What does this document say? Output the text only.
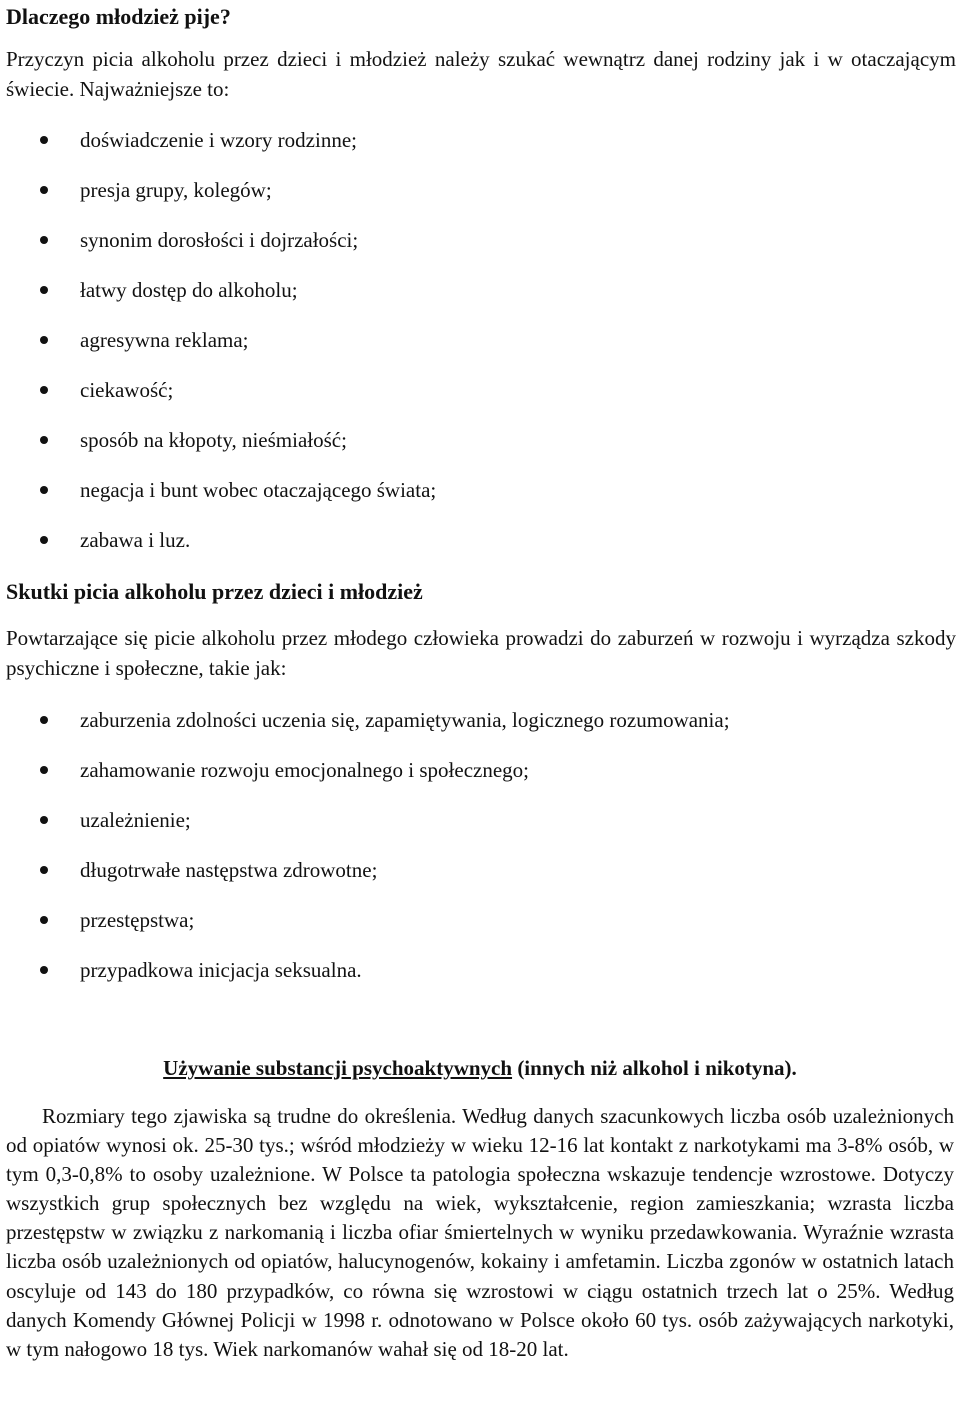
Dlaczego młodzież pije?
Przyczyn picia alkoholu przez dzieci i młodzież należy szukać wewnątrz danej rodziny jak i w otaczającym świecie. Najważniejsze to:
doświadczenie i wzory rodzinne;
presja grupy, kolegów;
synonim dorosłości i dojrzałości;
łatwy dostęp do alkoholu;
agresywna reklama;
ciekawość;
sposób na kłopoty, nieśmiałość;
negacja i bunt wobec otaczającego świata;
zabawa i luz.
Skutki picia alkoholu przez dzieci i młodzież
Powtarzające się picie alkoholu przez młodego człowieka prowadzi do zaburzeń w rozwoju i wyrządza szkody psychiczne i społeczne, takie jak:
zaburzenia zdolności uczenia się, zapamiętywania, logicznego rozumowania;
zahamowanie rozwoju emocjonalnego i społecznego;
uzależnienie;
długotrwałe następstwa zdrowotne;
przestępstwa;
przypadkowa inicjacja seksualna.
Używanie substancji psychoaktywnych (innych niż alkohol i nikotyna).
Rozmiary tego zjawiska są trudne do określenia. Według danych szacunkowych liczba osób uzależnionych od opiatów wynosi ok. 25-30 tys.; wśród młodzieży w wieku 12-16 lat kontakt z narkotykami ma 3-8% osób, w tym 0,3-0,8% to osoby uzależnione. W Polsce ta patologia społeczna wskazuje tendencje wzrostowe. Dotyczy wszystkich grup społecznych bez względu na wiek, wykształcenie, region zamieszkania; wzrasta liczba przestępstw w związku z narkomanią i liczba ofiar śmiertelnych w wyniku przedawkowania. Wyraźnie wzrasta liczba osób uzależnionych od opiatów, halucynogenów, kokainy i amfetamin. Liczba zgonów w ostatnich latach oscyluje od 143 do 180 przypadków, co równa się wzrostowi w ciągu ostatnich trzech lat o 25%. Według danych Komendy Głównej Policji w 1998 r. odnotowano w Polsce około 60 tys. osób zażywających narkotyki, w tym nałogowo 18 tys. Wiek narkomanów wahał się od 18-20 lat.
